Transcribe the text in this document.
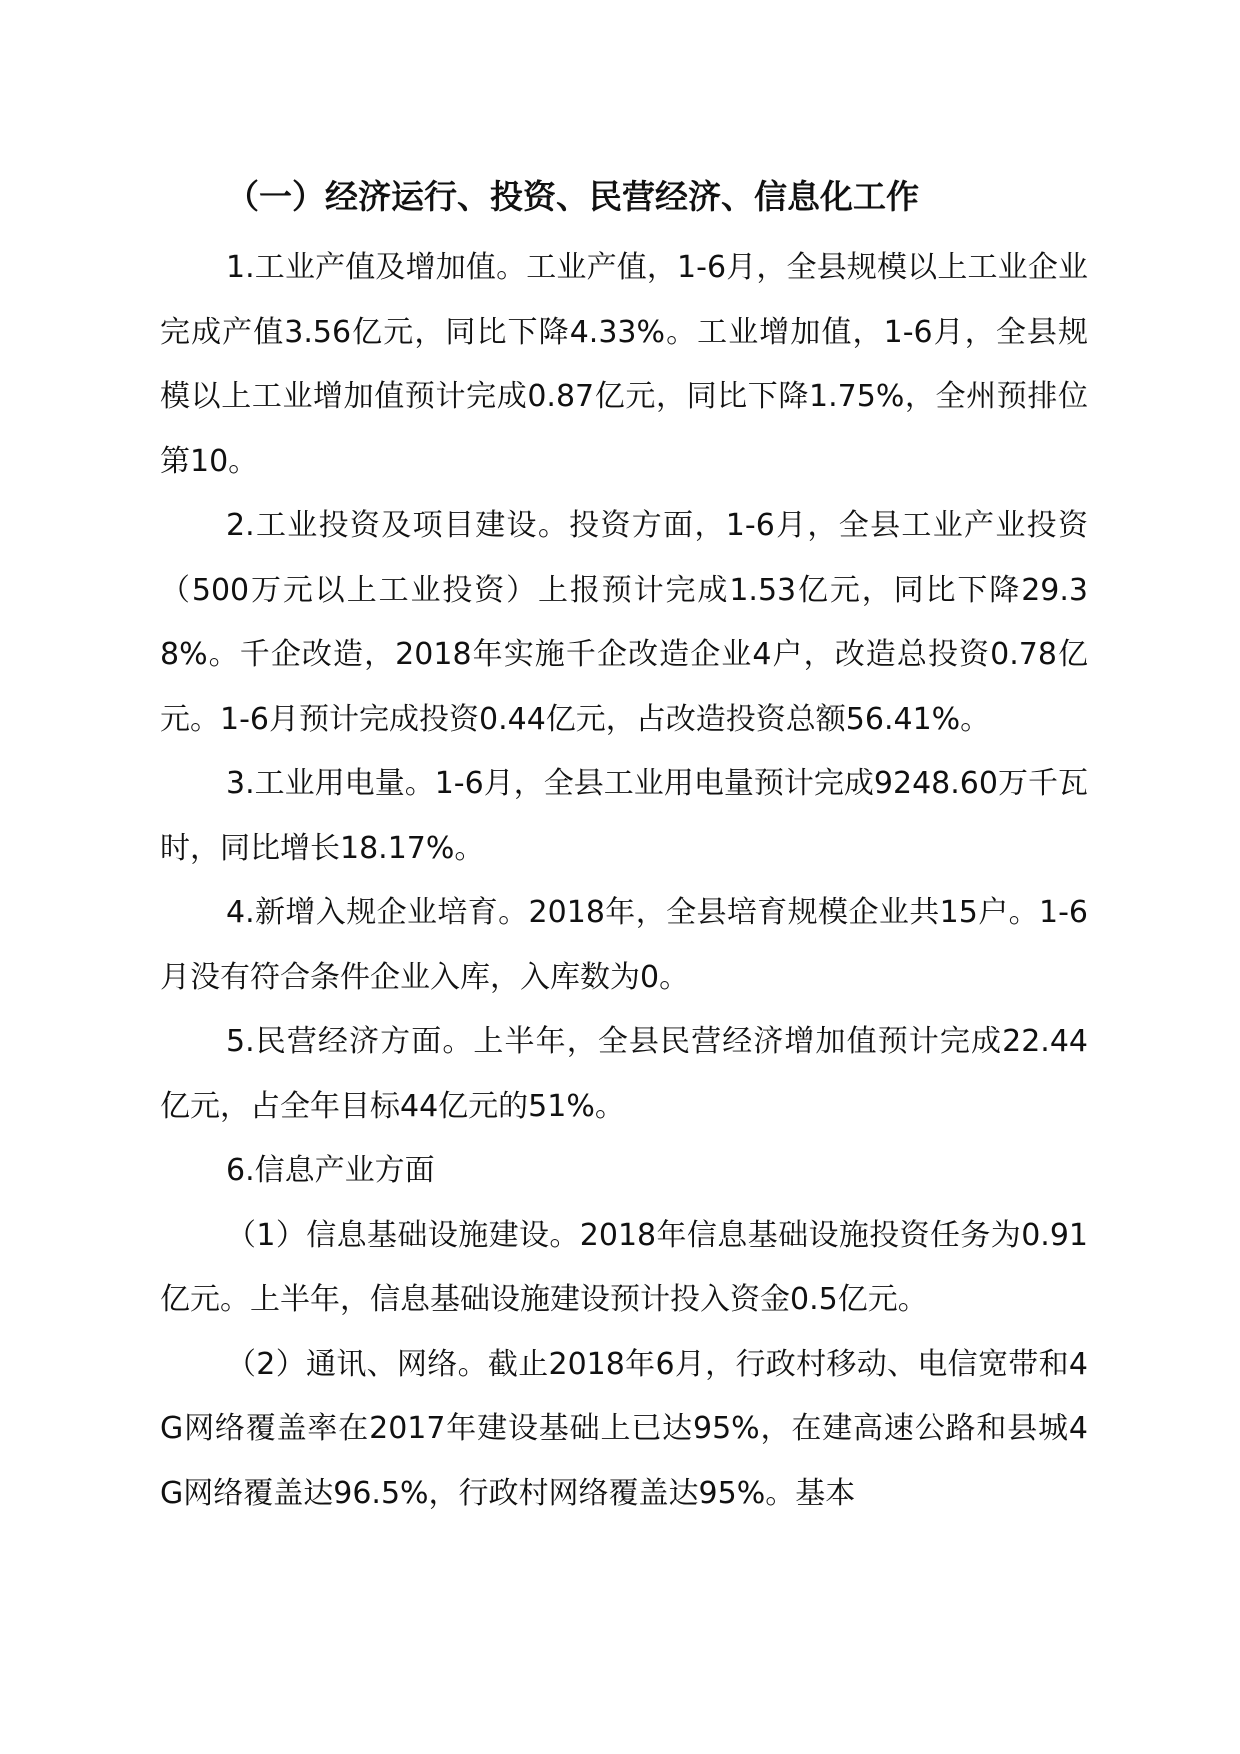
（一）经济运行、投资、民营经济、信息化工作

1.工业产值及增加值。工业产值，1-6月，全县规模以上工业企业完成产值3.56亿元，同比下降4.33%。工业增加值，1-6月，全县规模以上工业增加值预计完成0.87亿元，同比下降1.75%，全州预排位第10。

2.工业投资及项目建设。投资方面，1-6月，全县工业产业投资（500万元以上工业投资）上报预计完成1.53亿元，同比下降29.38%。千企改造，2018年实施千企改造企业4户，改造总投资0.78亿元。1-6月预计完成投资0.44亿元，占改造投资总额56.41%。

3.工业用电量。1-6月，全县工业用电量预计完成9248.60万千瓦时，同比增长18.17%。

4.新增入规企业培育。2018年，全县培育规模企业共15户。1-6月没有符合条件企业入库，入库数为0。

5.民营经济方面。上半年，全县民营经济增加值预计完成22.44亿元，占全年目标44亿元的51%。

6.信息产业方面

（1）信息基础设施建设。2018年信息基础设施投资任务为0.91亿元。上半年，信息基础设施建设预计投入资金0.5亿元。

（2）通讯、网络。截止2018年6月，行政村移动、电信宽带和4G网络覆盖率在2017年建设基础上已达95%，在建高速公路和县城4G网络覆盖达96.5%，行政村网络覆盖达95%。基本
